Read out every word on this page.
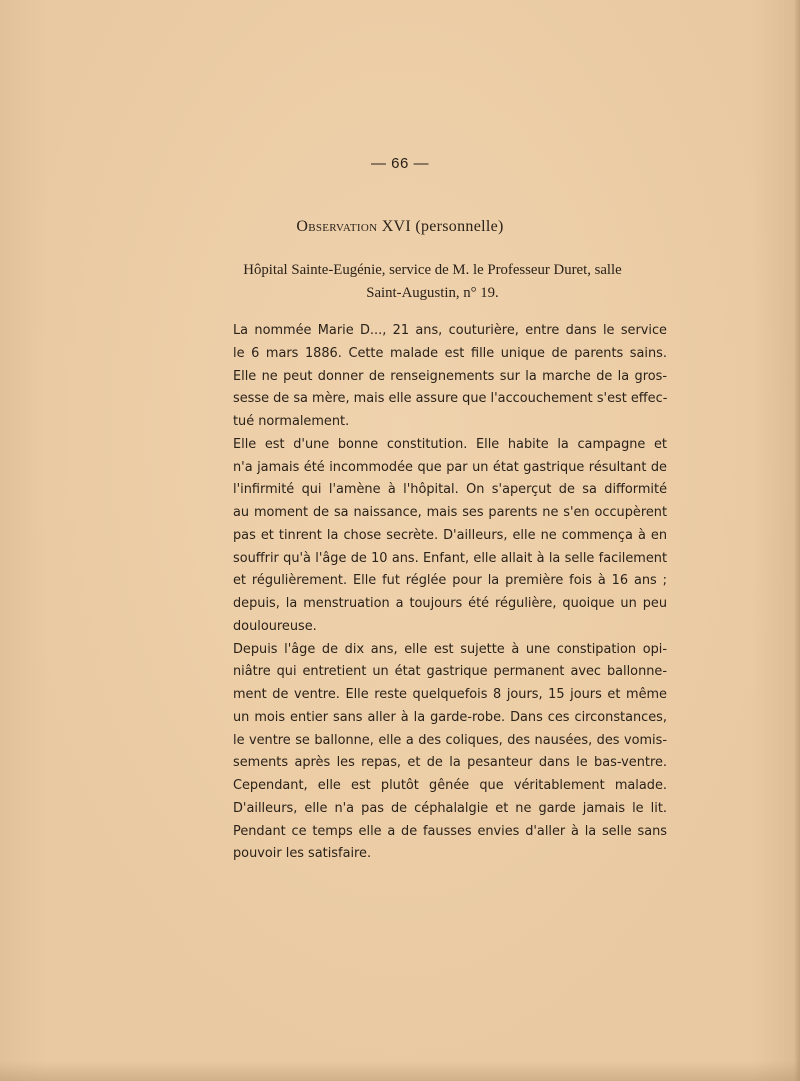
— 66 —
Observation XVI (personnelle)
Hôpital Sainte-Eugénie, service de M. le Professeur Duret, salle
Saint-Augustin, n° 19.

La nommée Marie D..., 21 ans, couturière, entre dans le service
le 6 mars 1886. Cette malade est fille unique de parents sains.
Elle ne peut donner de renseignements sur la marche de la gros-
sesse de sa mère, mais elle assure que l'accouchement s'est effec-
tué normalement.

Elle est d'une bonne constitution. Elle habite la campagne et
n'a jamais été incommodée que par un état gastrique résultant de
l'infirmité qui l'amène à l'hôpital. On s'aperçut de sa difformité
au moment de sa naissance, mais ses parents ne s'en occupèrent
pas et tinrent la chose secrète. D'ailleurs, elle ne commença à en
souffrir qu'à l'âge de 10 ans. Enfant, elle allait à la selle facilement
et régulièrement. Elle fut réglée pour la première fois à 16 ans ;
depuis, la menstruation a toujours été régulière, quoique un peu
douloureuse.

Depuis l'âge de dix ans, elle est sujette à une constipation opi-
niâtre qui entretient un état gastrique permanent avec ballonne-
ment de ventre. Elle reste quelquefois 8 jours, 15 jours et même
un mois entier sans aller à la garde-robe. Dans ces circonstances,
le ventre se ballonne, elle a des coliques, des nausées, des vomis-
sements après les repas, et de la pesanteur dans le bas-ventre.
Cependant, elle est plutôt gênée que véritablement malade.
D'ailleurs, elle n'a pas de céphalalgie et ne garde jamais le lit.
Pendant ce temps elle a de fausses envies d'aller à la selle sans
pouvoir les satisfaire.
